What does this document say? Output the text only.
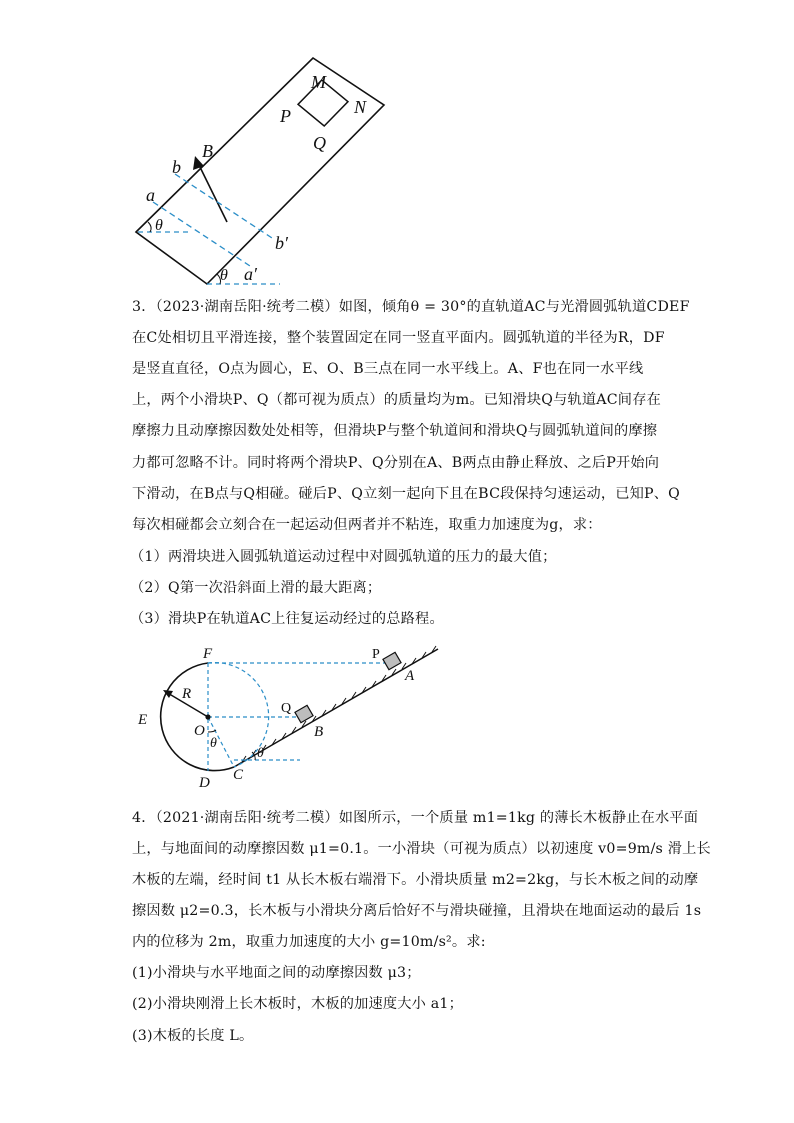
M
N
P
Q
B
b
a
θ
b′
θ a′
3．（2023·湖南岳阳·统考二模）如图，倾角θ = 30°的直轨道AC与光滑圆弧轨道CDEF
在C处相切且平滑连接，整个装置固定在同一竖直平面内。圆弧轨道的半径为R，DF
是竖直直径，O点为圆心，E、O、B三点在同一水平线上。A、F也在同一水平线
上，两个小滑块P、Q（都可视为质点）的质量均为m。已知滑块Q与轨道AC间存在
摩擦力且动摩擦因数处处相等，但滑块P与整个轨道间和滑块Q与圆弧轨道间的摩擦
力都可忽略不计。同时将两个滑块P、Q分别在A、B两点由静止释放、之后P开始向
下滑动，在B点与Q相碰。碰后P、Q立刻一起向下且在BC段保持匀速运动，已知P、Q
每次相碰都会立刻合在一起运动但两者并不粘连，取重力加速度为g，求：
（1）两滑块进入圆弧轨道运动过程中对圆弧轨道的压力的最大值；
（2）Q第一次沿斜面上滑的最大距离；
（3）滑块P在轨道AC上往复运动经过的总路程。
F	P
A
R
Q
E
O
θ
B
θ
C
D
4．（2021·湖南岳阳·统考二模）如图所示，一个质量 m1=1kg 的薄长木板静止在水平面
上，与地面间的动摩擦因数 μ1=0.1。一小滑块（可视为质点）以初速度 v0=9m/s 滑上长
木板的左端，经时间 t1 从长木板右端滑下。小滑块质量 m2=2kg，与长木板之间的动摩
擦因数 μ2=0.3，长木板与小滑块分离后恰好不与滑块碰撞，且滑块在地面运动的最后 1s
内的位移为 2m，取重力加速度的大小 g=10m/s²。求:
(1)小滑块与水平地面之间的动摩擦因数 μ3；
(2)小滑块刚滑上长木板时，木板的加速度大小 a1；
(3)木板的长度 L。
